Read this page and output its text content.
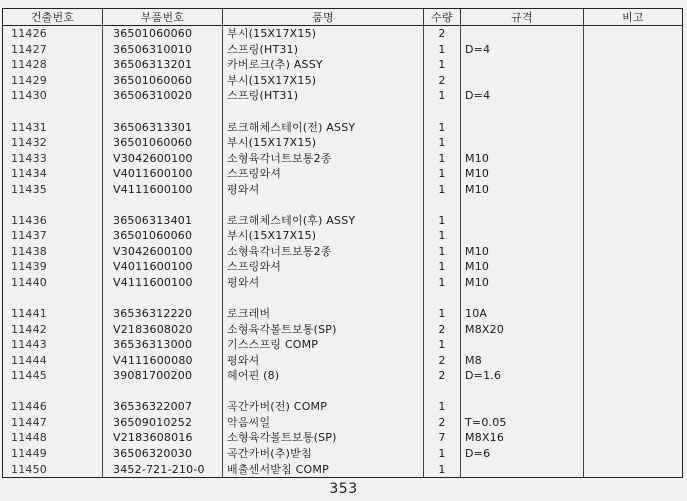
건출번호	부품번호	품명	수량	규격	비고
11426	36501060060	부시(15X17X15)	2		
11427	36506310010	스프링(HT31)	1	D=4	
11428	36506313201	카버로크(추) ASSY	1		
11429	36501060060	부시(15X17X15)	2		
11430	36506310020	스프링(HT31)	1	D=4	

11431	36506313301	로크해체스테이(전) ASSY	1		
11432	36501060060	부시(15X17X15)	1		
11433	V3042600100	소형육각너트보통2종	1	M10	
11434	V4011600100	스프링와셔	1	M10	
11435	V4111600100	평와셔	1	M10	

11436	36506313401	로크해체스테이(후) ASSY	1		
11437	36501060060	부시(15X17X15)	1		
11438	V3042600100	소형육각너트보통2종	1	M10	
11439	V4011600100	스프링와셔	1	M10	
11440	V4111600100	평와셔	1	M10	

11441	36536312220	로크레버	1	10A	
11442	V2183608020	소형육각볼트보통(SP)	2	M8X20	
11443	36536313000	기스스프링 COMP	1		
11444	V4111600080	평와셔	2	M8	
11445	39081700200	헤어핀 (8)	2	D=1.6	

11446	36536322007	곡간카버(전) COMP	1		
11447	36509010252	악음씨일	2	T=0.05	
11448	V2183608016	소형육각볼트보통(SP)	7	M8X16	
11449	36506320030	곡간카버(추)받침	1	D=6	
11450	3452-721-210-0	배출센서받침 COMP	1		
353
